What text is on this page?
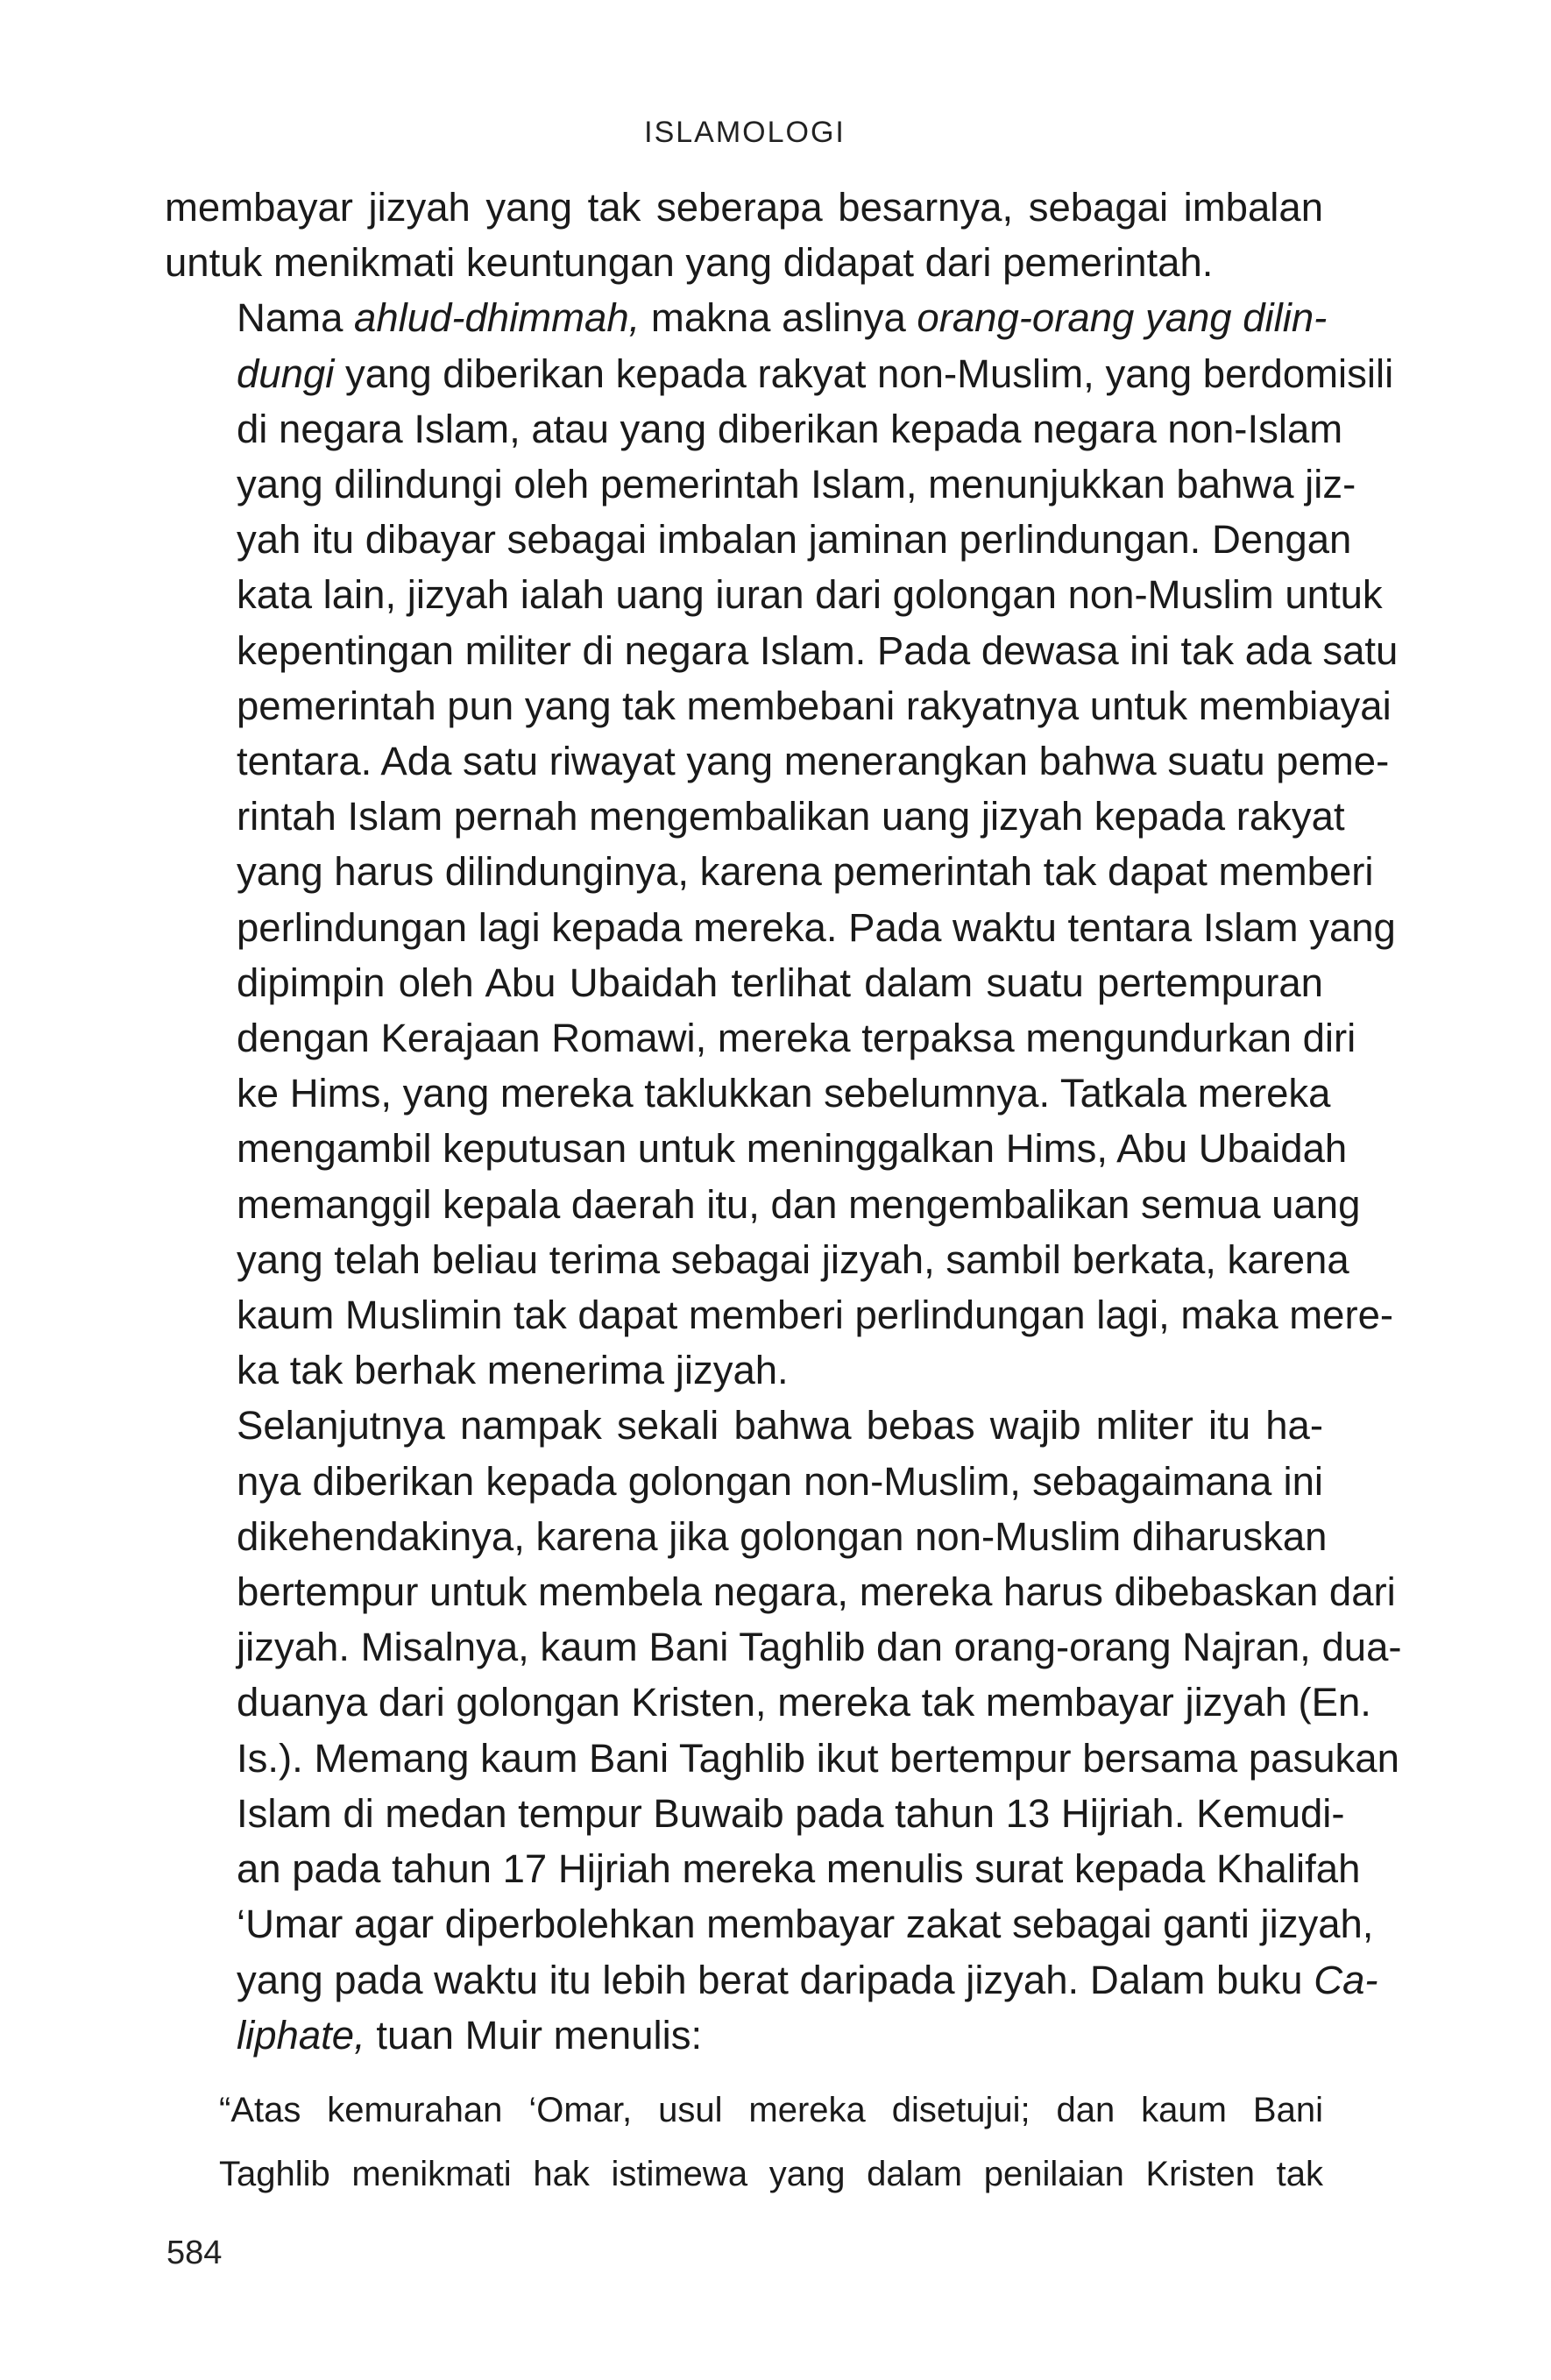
ISLAMOLOGI

membayar jizyah yang tak seberapa besarnya, sebagai imbalan
untuk menikmati keuntungan yang didapat dari pemerintah.

Nama ahlud-dhimmah, makna aslinya orang-orang yang dilin-
dungi yang diberikan kepada rakyat non-Muslim, yang berdomisili
di negara Islam, atau yang diberikan kepada negara non-Islam
yang dilindungi oleh pemerintah Islam, menunjukkan bahwa jiz-
yah itu dibayar sebagai imbalan jaminan perlindungan. Dengan
kata lain, jizyah ialah uang iuran dari golongan non-Muslim untuk
kepentingan militer di negara Islam. Pada dewasa ini tak ada satu
pemerintah pun yang tak membebani rakyatnya untuk membiayai
tentara. Ada satu riwayat yang menerangkan bahwa suatu peme-
rintah Islam pernah mengembalikan uang jizyah kepada rakyat
yang harus dilindunginya, karena pemerintah tak dapat memberi
perlindungan lagi kepada mereka. Pada waktu tentara Islam yang
dipimpin oleh Abu Ubaidah terlihat dalam suatu pertempuran
dengan Kerajaan Romawi, mereka terpaksa mengundurkan diri
ke Hims, yang mereka taklukkan sebelumnya. Tatkala mereka
mengambil keputusan untuk meninggalkan Hims, Abu Ubaidah
memanggil kepala daerah itu, dan mengembalikan semua uang
yang telah beliau terima sebagai jizyah, sambil berkata, karena
kaum Muslimin tak dapat memberi perlindungan lagi, maka mere-
ka tak berhak menerima jizyah.

Selanjutnya nampak sekali bahwa bebas wajib mliter itu ha-
nya diberikan kepada golongan non-Muslim, sebagaimana ini
dikehendakinya, karena jika golongan non-Muslim diharuskan
bertempur untuk membela negara, mereka harus dibebaskan dari
jizyah. Misalnya, kaum Bani Taghlib dan orang-orang Najran, dua-
duanya dari golongan Kristen, mereka tak membayar jizyah (En.
Is.). Memang kaum Bani Taghlib ikut bertempur bersama pasukan
Islam di medan tempur Buwaib pada tahun 13 Hijriah. Kemudi-
an pada tahun 17 Hijriah mereka menulis surat kepada Khalifah
‘Umar agar diperbolehkan membayar zakat sebagai ganti jizyah,
yang pada waktu itu lebih berat daripada jizyah. Dalam buku Ca-
liphate, tuan Muir menulis:

“Atas kemurahan ‘Omar, usul mereka disetujui; dan kaum Bani
Taghlib menikmati hak istimewa yang dalam penilaian Kristen tak
584
